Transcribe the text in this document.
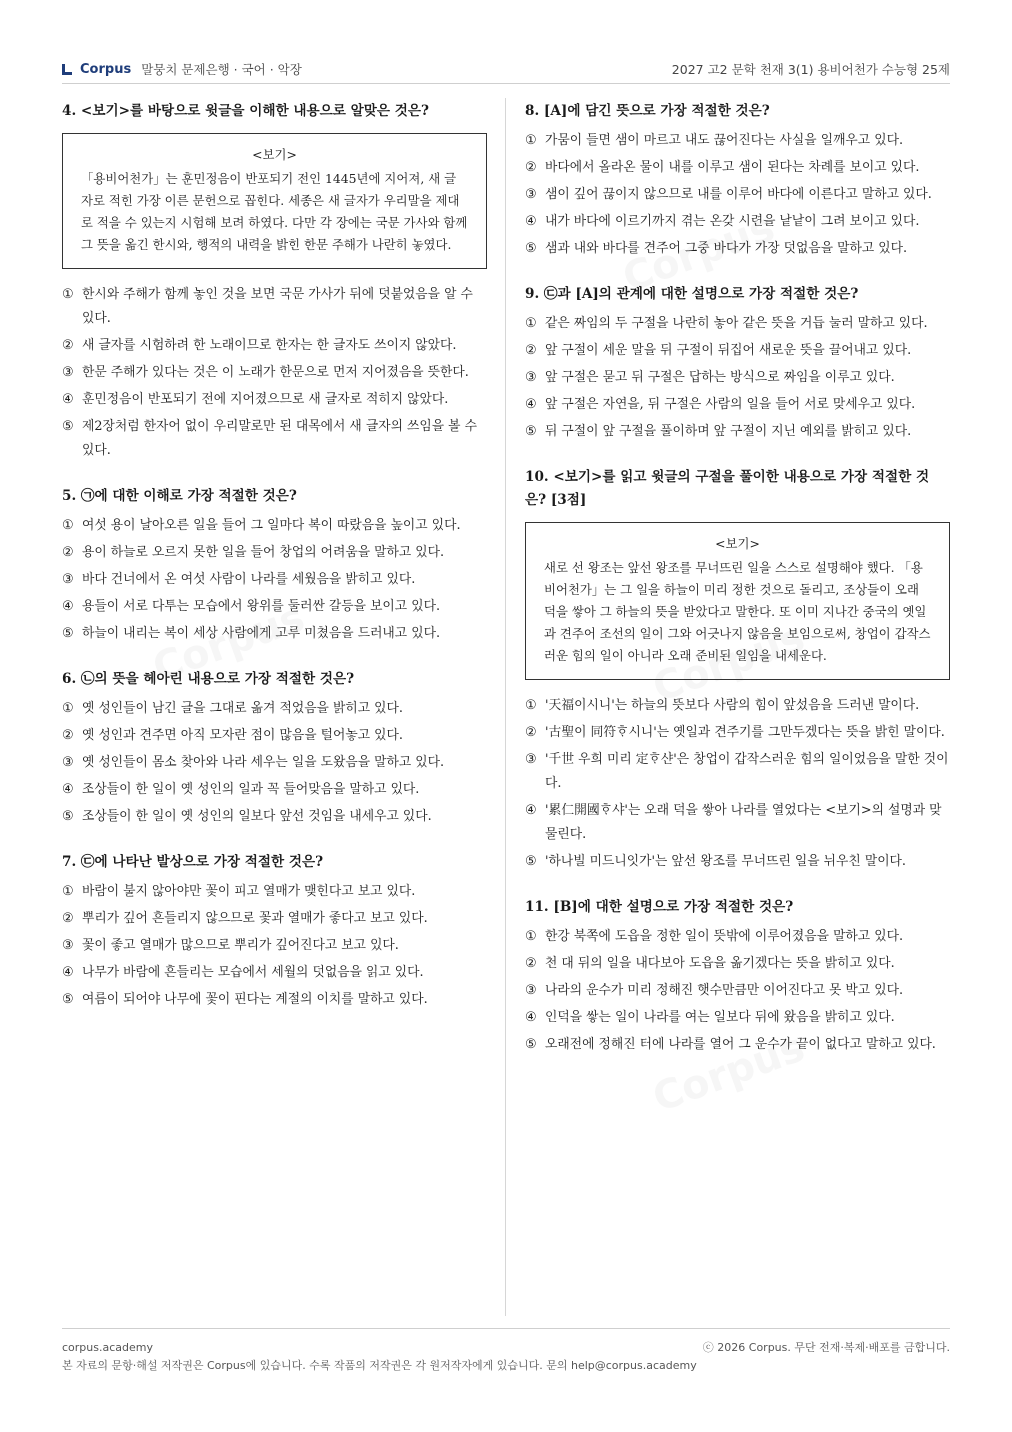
Corpus 말뭉치 문제은행 · 국어 · 악장	2027 고2 문학 천재 3(1) 용비어천가 수능형 25제
4. <보기>를 바탕으로 윗글을 이해한 내용으로 알맞은 것은?
<보기>
「용비어천가」는 훈민정음이 반포되기 전인 1445년에 지어져, 새 글자로 적힌 가장 이른 문헌으로 꼽힌다. 세종은 새 글자가 우리말을 제대로 적을 수 있는지 시험해 보려 하였다. 다만 각 장에는 국문 가사와 함께 그 뜻을 옮긴 한시와, 행적의 내력을 밝힌 한문 주해가 나란히 놓였다.
① 한시와 주해가 함께 놓인 것을 보면 국문 가사가 뒤에 덧붙었음을 알 수 있다.
② 새 글자를 시험하려 한 노래이므로 한자는 한 글자도 쓰이지 않았다.
③ 한문 주해가 있다는 것은 이 노래가 한문으로 먼저 지어졌음을 뜻한다.
④ 훈민정음이 반포되기 전에 지어졌으므로 새 글자로 적히지 않았다.
⑤ 제2장처럼 한자어 없이 우리말로만 된 대목에서 새 글자의 쓰임을 볼 수 있다.
5. ㉠에 대한 이해로 가장 적절한 것은?
① 여섯 용이 날아오른 일을 들어 그 일마다 복이 따랐음을 높이고 있다.
② 용이 하늘로 오르지 못한 일을 들어 창업의 어려움을 말하고 있다.
③ 바다 건너에서 온 여섯 사람이 나라를 세웠음을 밝히고 있다.
④ 용들이 서로 다투는 모습에서 왕위를 둘러싼 갈등을 보이고 있다.
⑤ 하늘이 내리는 복이 세상 사람에게 고루 미쳤음을 드러내고 있다.
6. ㉡의 뜻을 헤아린 내용으로 가장 적절한 것은?
① 옛 성인들이 남긴 글을 그대로 옮겨 적었음을 밝히고 있다.
② 옛 성인과 견주면 아직 모자란 점이 많음을 털어놓고 있다.
③ 옛 성인들이 몸소 찾아와 나라 세우는 일을 도왔음을 말하고 있다.
④ 조상들이 한 일이 옛 성인의 일과 꼭 들어맞음을 말하고 있다.
⑤ 조상들이 한 일이 옛 성인의 일보다 앞선 것임을 내세우고 있다.
7. ㉢에 나타난 발상으로 가장 적절한 것은?
① 바람이 불지 않아야만 꽃이 피고 열매가 맺힌다고 보고 있다.
② 뿌리가 깊어 흔들리지 않으므로 꽃과 열매가 좋다고 보고 있다.
③ 꽃이 좋고 열매가 많으므로 뿌리가 깊어진다고 보고 있다.
④ 나무가 바람에 흔들리는 모습에서 세월의 덧없음을 읽고 있다.
⑤ 여름이 되어야 나무에 꽃이 핀다는 계절의 이치를 말하고 있다.
8. [A]에 담긴 뜻으로 가장 적절한 것은?
① 가뭄이 들면 샘이 마르고 내도 끊어진다는 사실을 일깨우고 있다.
② 바다에서 올라온 물이 내를 이루고 샘이 된다는 차례를 보이고 있다.
③ 샘이 깊어 끊이지 않으므로 내를 이루어 바다에 이른다고 말하고 있다.
④ 내가 바다에 이르기까지 겪는 온갖 시련을 낱낱이 그려 보이고 있다.
⑤ 샘과 내와 바다를 견주어 그중 바다가 가장 덧없음을 말하고 있다.
9. ㉢과 [A]의 관계에 대한 설명으로 가장 적절한 것은?
① 같은 짜임의 두 구절을 나란히 놓아 같은 뜻을 거듭 눌러 말하고 있다.
② 앞 구절이 세운 말을 뒤 구절이 뒤집어 새로운 뜻을 끌어내고 있다.
③ 앞 구절은 묻고 뒤 구절은 답하는 방식으로 짜임을 이루고 있다.
④ 앞 구절은 자연을, 뒤 구절은 사람의 일을 들어 서로 맞세우고 있다.
⑤ 뒤 구절이 앞 구절을 풀이하며 앞 구절이 지닌 예외를 밝히고 있다.
10. <보기>를 읽고 윗글의 구절을 풀이한 내용으로 가장 적절한 것은? [3점]
<보기>
새로 선 왕조는 앞선 왕조를 무너뜨린 일을 스스로 설명해야 했다. 「용비어천가」는 그 일을 하늘이 미리 정한 것으로 돌리고, 조상들이 오래 덕을 쌓아 그 하늘의 뜻을 받았다고 말한다. 또 이미 지나간 중국의 옛일과 견주어 조선의 일이 그와 어긋나지 않음을 보임으로써, 창업이 갑작스러운 힘의 일이 아니라 오래 준비된 일임을 내세운다.
① '天福이시니'는 하늘의 뜻보다 사람의 힘이 앞섰음을 드러낸 말이다.
② '古聖이 同符ᄒᆞ시니'는 옛일과 견주기를 그만두겠다는 뜻을 밝힌 말이다.
③ '千世 우희 미리 定ᄒᆞ샨'은 창업이 갑작스러운 힘의 일이었음을 말한 것이다.
④ '累仁開國ᄒᆞ샤'는 오래 덕을 쌓아 나라를 열었다는 <보기>의 설명과 맞물린다.
⑤ '하나빌 미드니잇가'는 앞선 왕조를 무너뜨린 일을 뉘우친 말이다.
11. [B]에 대한 설명으로 가장 적절한 것은?
① 한강 북쪽에 도읍을 정한 일이 뜻밖에 이루어졌음을 말하고 있다.
② 천 대 뒤의 일을 내다보아 도읍을 옮기겠다는 뜻을 밝히고 있다.
③ 나라의 운수가 미리 정해진 햇수만큼만 이어진다고 못 박고 있다.
④ 인덕을 쌓는 일이 나라를 여는 일보다 뒤에 왔음을 밝히고 있다.
⑤ 오래전에 정해진 터에 나라를 열어 그 운수가 끝이 없다고 말하고 있다.
corpus.academy	ⓒ 2026 Corpus. 무단 전재·복제·배포를 금합니다.
본 자료의 문항·해설 저작권은 Corpus에 있습니다. 수록 작품의 저작권은 각 원저작자에게 있습니다. 문의 help@corpus.academy
